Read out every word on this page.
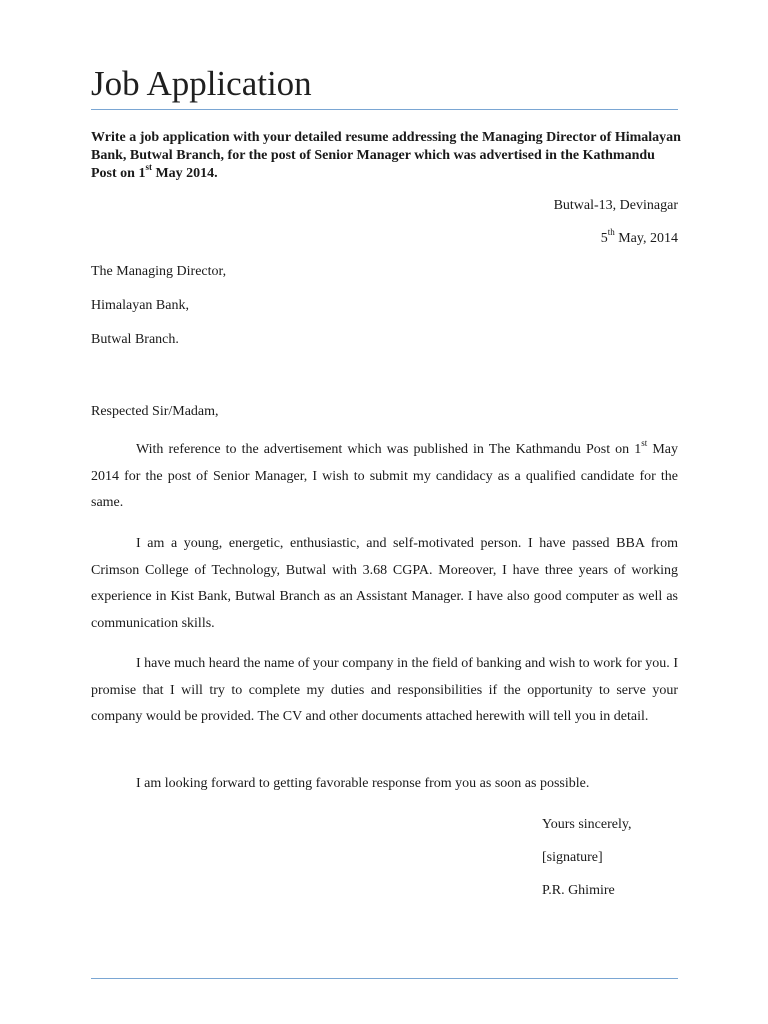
Job Application
Write a job application with your detailed resume addressing the Managing Director of Himalayan Bank, Butwal Branch, for the post of Senior Manager which was advertised in the Kathmandu Post on 1st May 2014.
Butwal-13, Devinagar
5th May, 2014
The Managing Director,
Himalayan Bank,
Butwal Branch.
Respected Sir/Madam,
With reference to the advertisement which was published in The Kathmandu Post on 1st May 2014 for the post of Senior Manager, I wish to submit my candidacy as a qualified candidate for the same.
I am a young, energetic, enthusiastic, and self-motivated person. I have passed BBA from Crimson College of Technology, Butwal with 3.68 CGPA. Moreover, I have three years of working experience in Kist Bank, Butwal Branch as an Assistant Manager. I have also good computer as well as communication skills.
I have much heard the name of your company in the field of banking and wish to work for you. I promise that I will try to complete my duties and responsibilities if the opportunity to serve your company would be provided. The CV and other documents attached herewith will tell you in detail.
I am looking forward to getting favorable response from you as soon as possible.
Yours sincerely,
[signature]
P.R. Ghimire
